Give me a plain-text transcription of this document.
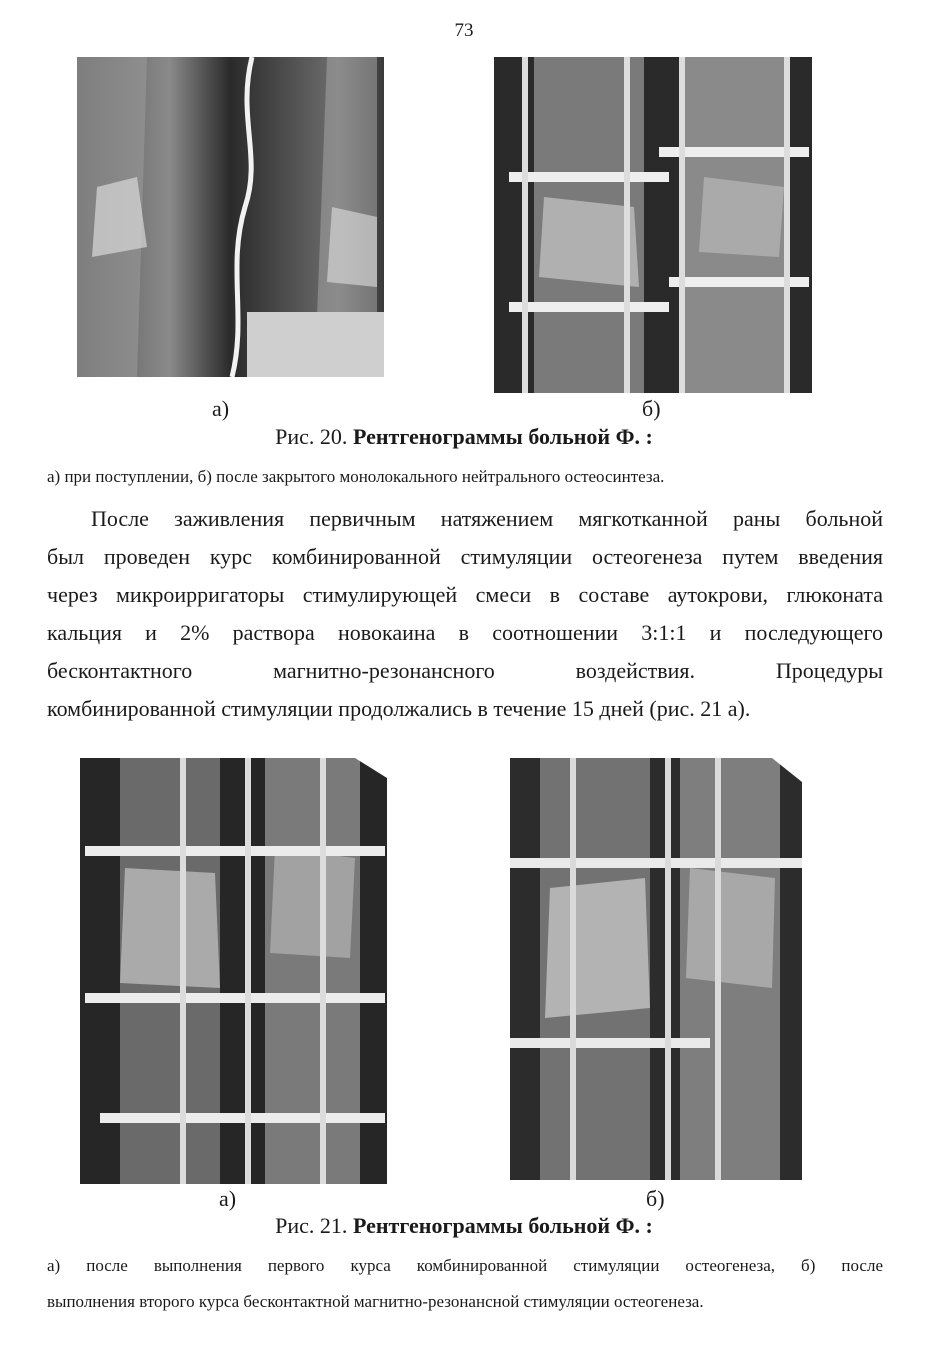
73
а)	б)
Рис. 20. Рентгенограммы больной Ф. :
а) при поступлении, б) после закрытого монолокального нейтрального остеосинтеза.
После заживления первичным натяжением мягкотканной раны больной
был проведен курс комбинированной стимуляции остеогенеза путем введения
через микроирригаторы стимулирующей смеси в составе аутокрови, глюконата
кальция и 2% раствора новокаина в соотношении 3:1:1 и последующего
бесконтактного магнитно-резонансного воздействия. Процедуры
комбинированной стимуляции продолжались в течение 15 дней (рис. 21 а).
а)	б)
Рис. 21. Рентгенограммы больной Ф. :
а) после выполнения первого курса комбинированной стимуляции остеогенеза, б) после
выполнения второго курса бесконтактной магнитно-резонансной стимуляции остеогенеза.
